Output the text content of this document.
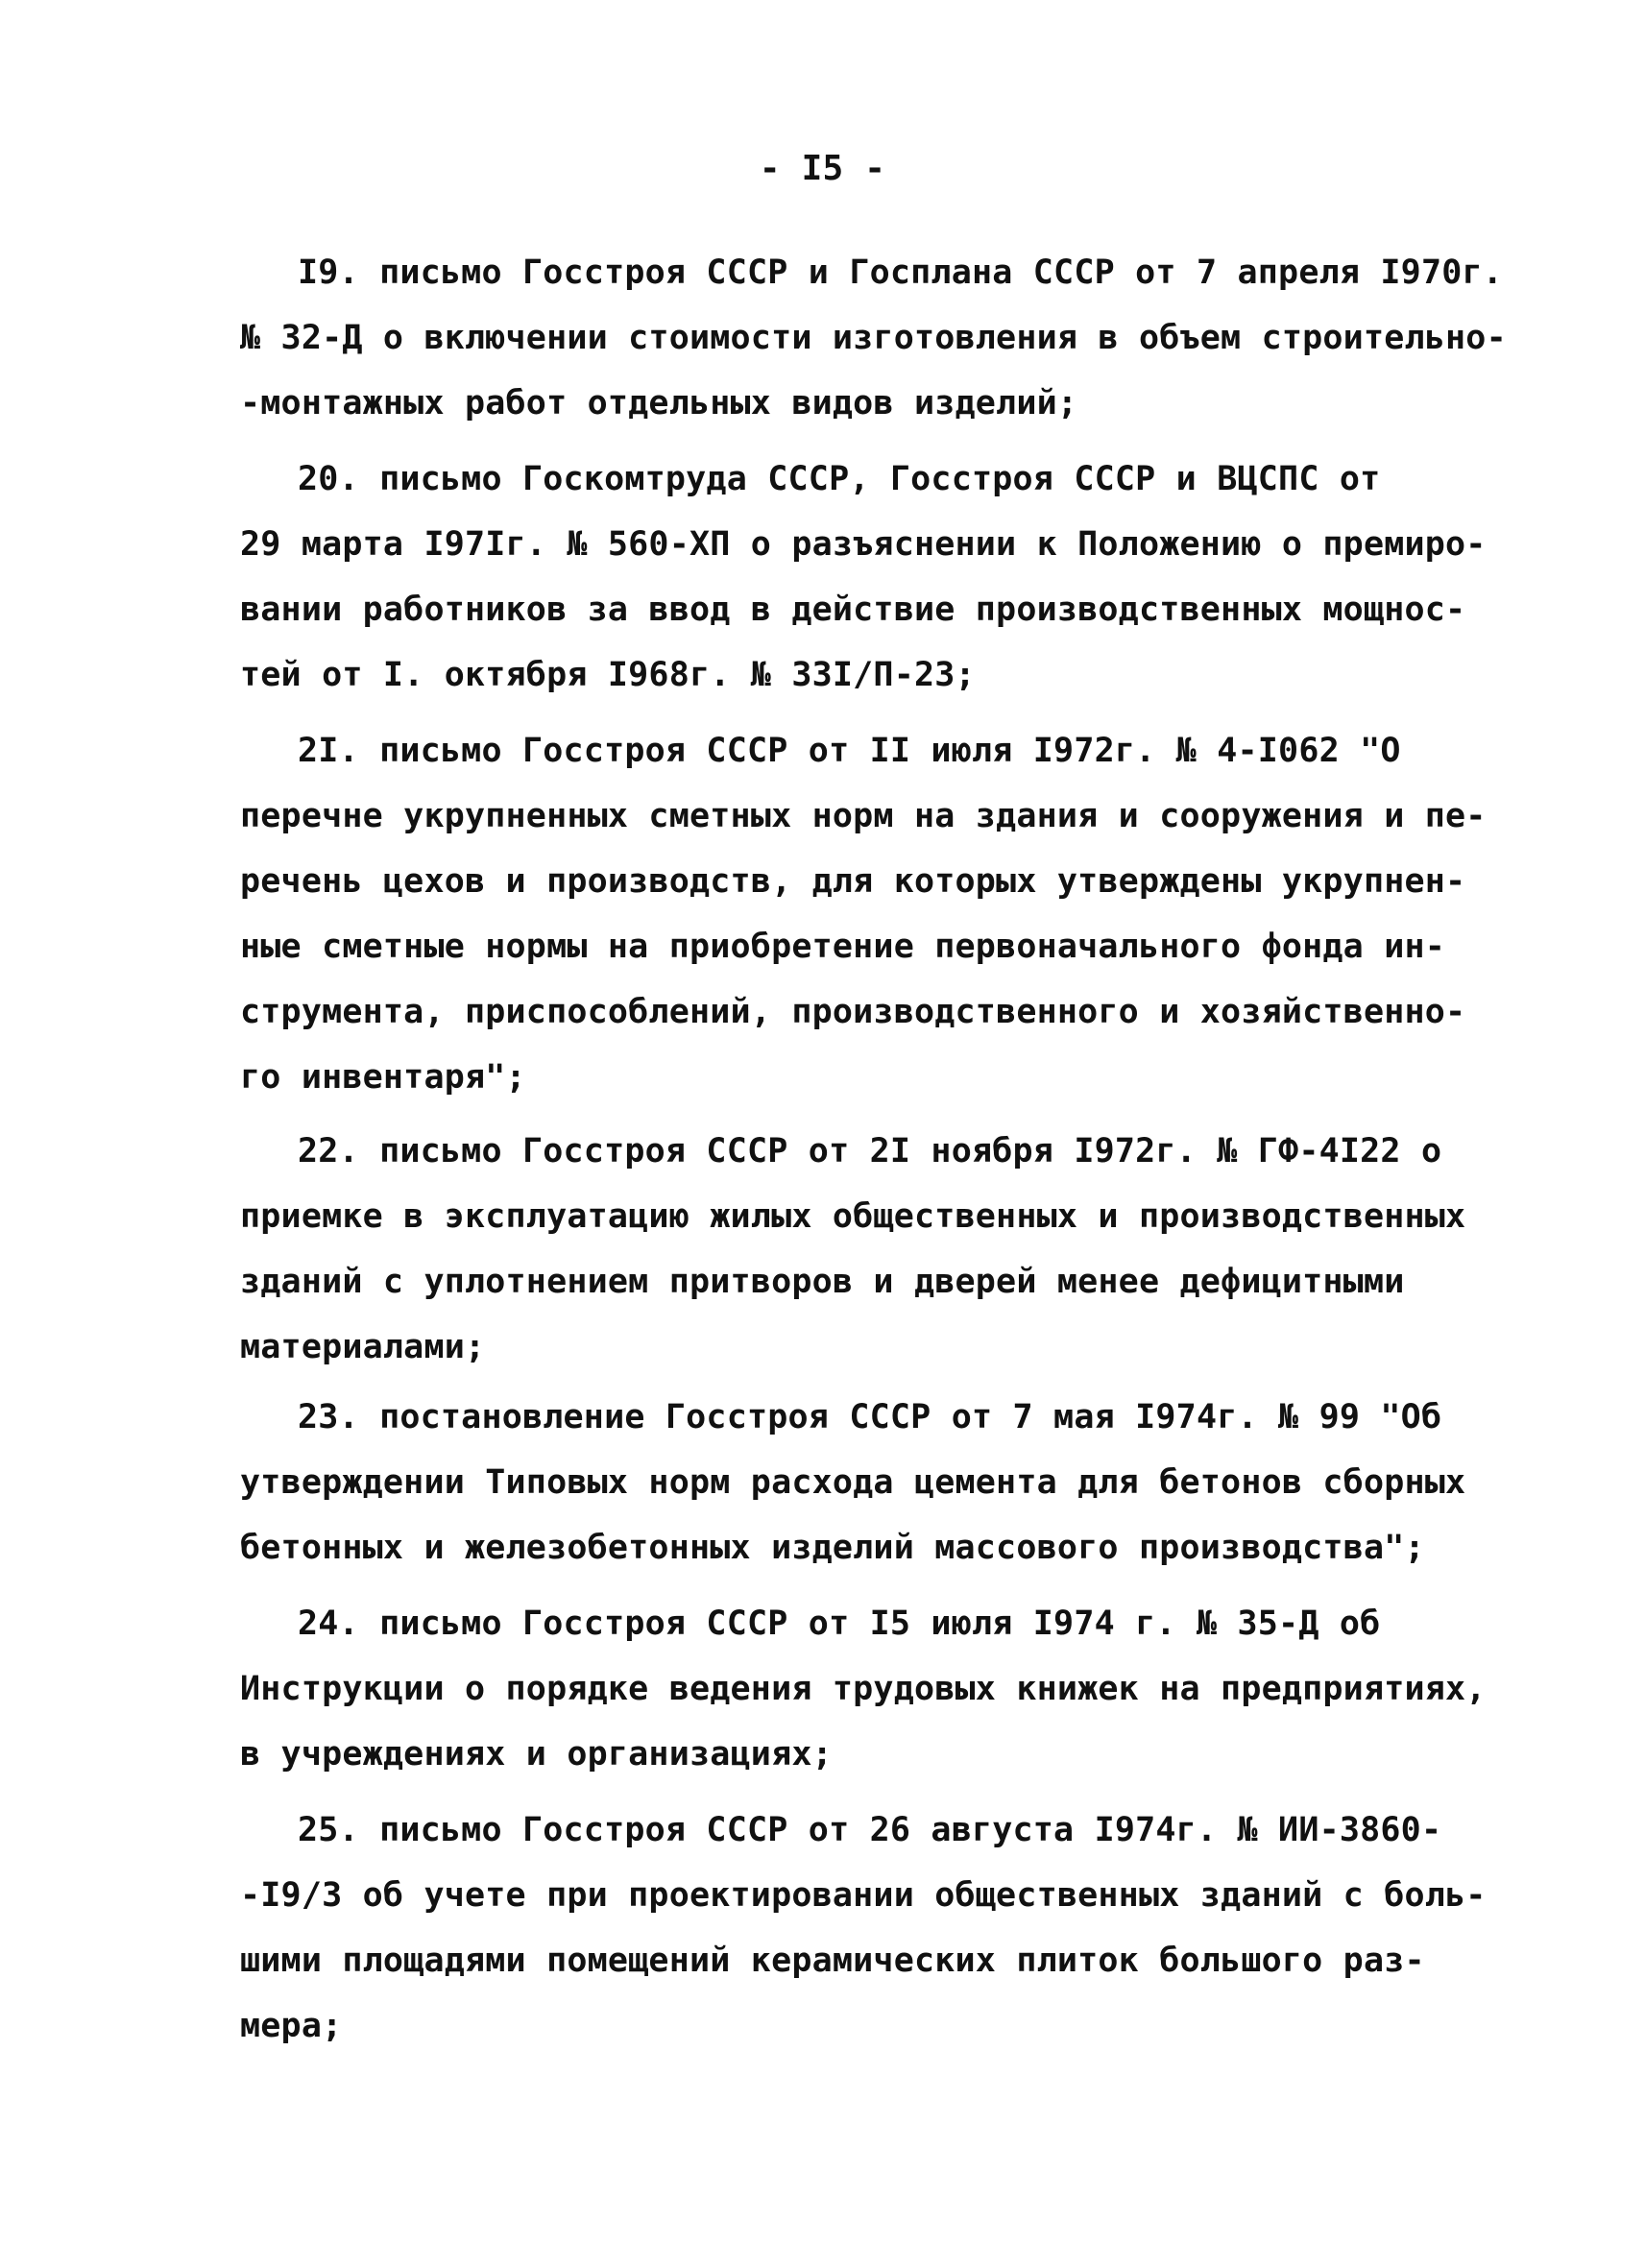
- I5 -
I9. письмо Госстроя СССР и Госплана СССР от 7 апреля I970г.
№ 32-Д о включении стоимости изготовления в объем строительно-
-монтажных работ отдельных видов изделий;
20. письмо Госкомтруда СССР, Госстроя СССР и ВЦСПС от
29 марта I97Iг. № 560-ХП о разъяснении к Положению о премиро-
вании работников за ввод в действие производственных мощнос-
тей от I. октября I968г. № 33I/П-23;
2I. письмо Госстроя СССР от II июля I972г. № 4-I062 "О
перечне укрупненных сметных норм на здания и сооружения и пе-
речень цехов и производств, для которых утверждены укрупнен-
ные сметные нормы на приобретение первоначального фонда ин-
струмента, приспособлений, производственного и хозяйственно-
го инвентаря";
22. письмо Госстроя СССР от 2I ноября I972г. № ГФ-4I22 о
приемке в эксплуатацию жилых общественных и производственных
зданий с уплотнением притворов и дверей менее дефицитными
материалами;
23. постановление Госстроя СССР от 7 мая I974г. № 99 "Об
утверждении Типовых норм расхода цемента для бетонов сборных
бетонных и железобетонных изделий массового производства";
24. письмо Госстроя СССР от I5 июля I974 г. № 35-Д об
Инструкции о порядке ведения трудовых книжек на предприятиях,
в учреждениях и организациях;
25. письмо Госстроя СССР от 26 августа I974г. № ИИ-3860-
-I9/3 об учете при проектировании общественных зданий с боль-
шими площадями помещений керамических плиток большого раз-
мера;
